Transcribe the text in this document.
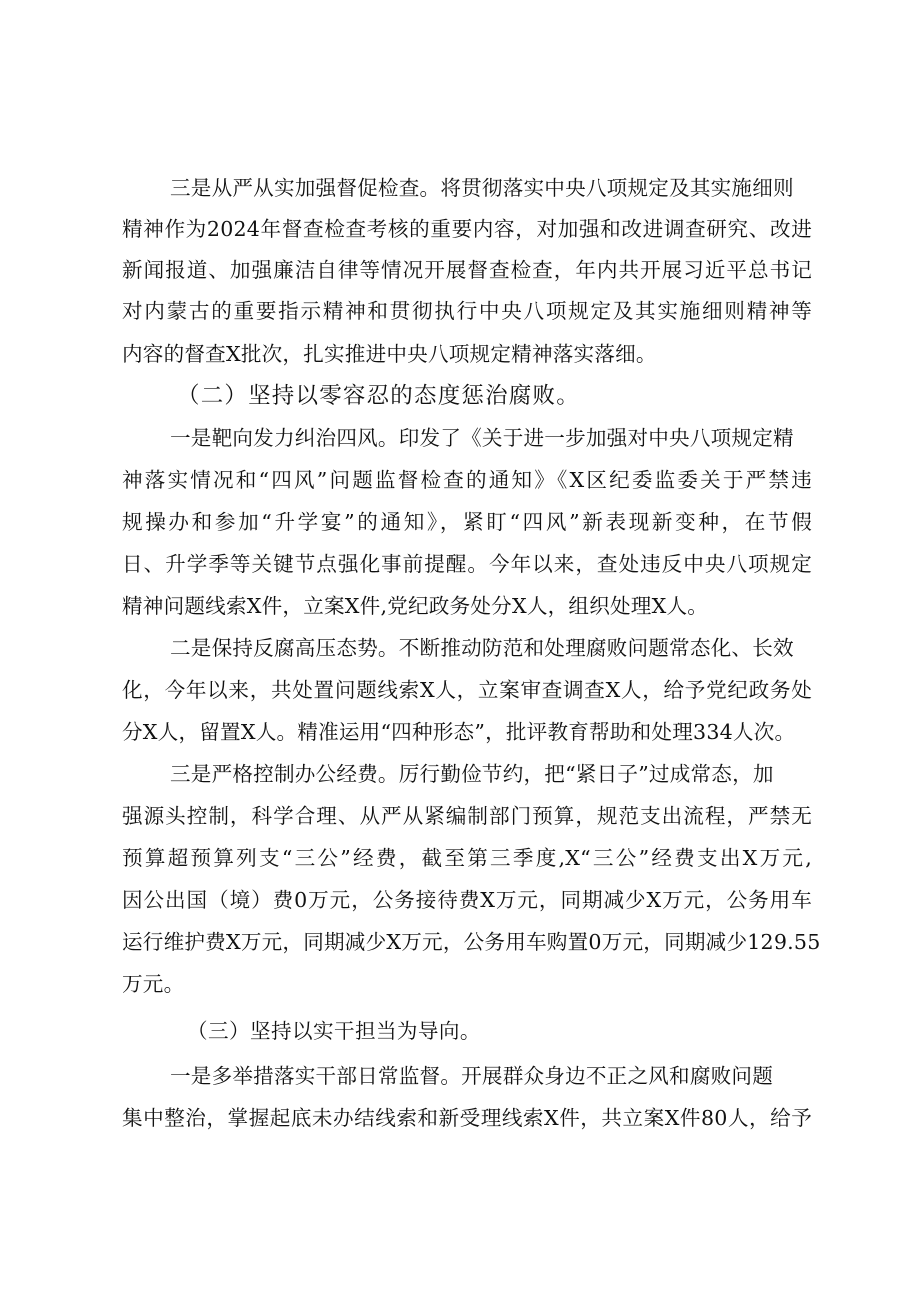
三是从严从实加强督促检查。将贯彻落实中央八项规定及其实施细则
精神作为2024年督查检查考核的重要内容，对加强和改进调查研究、改进
新闻报道、加强廉洁自律等情况开展督查检查，年内共开展习近平总书记
对内蒙古的重要指示精神和贯彻执行中央八项规定及其实施细则精神等
内容的督查X批次，扎实推进中央八项规定精神落实落细。
（二）坚持以零容忍的态度惩治腐败。
一是靶向发力纠治四风。印发了《关于进一步加强对中央八项规定精
神落实情况和“四风”问题监督检查的通知》《X区纪委监委关于严禁违
规操办和参加“升学宴”的通知》，紧盯“四风”新表现新变种，在节假
日、升学季等关键节点强化事前提醒。今年以来，查处违反中央八项规定
精神问题线索X件，立案X件,党纪政务处分X人，组织处理X人。
二是保持反腐高压态势。不断推动防范和处理腐败问题常态化、长效
化，今年以来，共处置问题线索X人，立案审查调查X人，给予党纪政务处
分X人，留置X人。精准运用“四种形态”，批评教育帮助和处理334人次。
三是严格控制办公经费。厉行勤俭节约，把“紧日子”过成常态，加
强源头控制，科学合理、从严从紧编制部门预算，规范支出流程，严禁无
预算超预算列支“三公”经费，截至第三季度,X“三公”经费支出X万元,
因公出国（境）费0万元，公务接待费X万元，同期减少X万元，公务用车
运行维护费X万元，同期减少X万元，公务用车购置0万元，同期减少129.55
万元。
（三）坚持以实干担当为导向。
一是多举措落实干部日常监督。开展群众身边不正之风和腐败问题
集中整治，掌握起底未办结线索和新受理线索X件，共立案X件80人，给予
